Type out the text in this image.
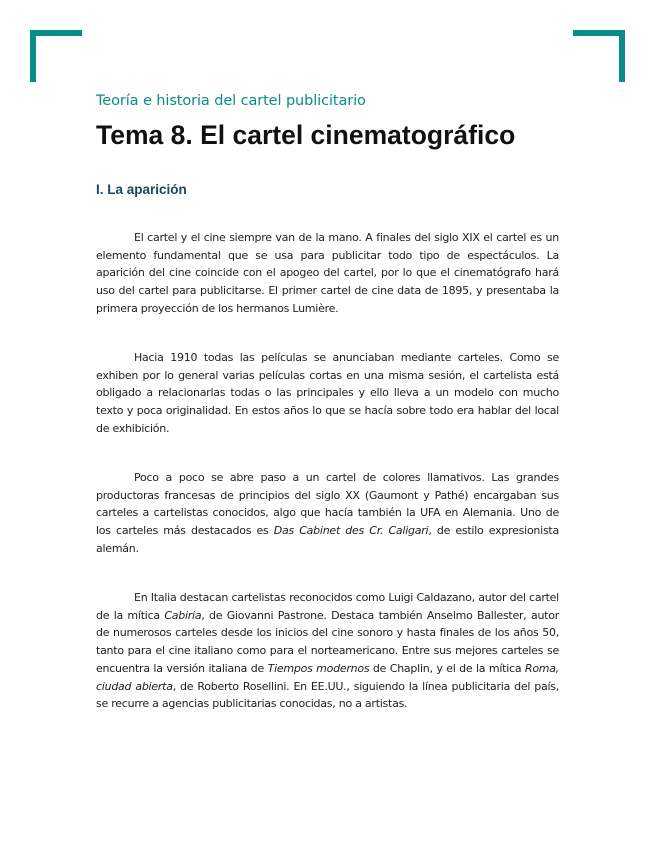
Teoría e historia del cartel publicitario
Tema 8. El cartel cinematográfico
I. La aparición

El cartel y el cine siempre van de la mano. A finales del siglo XIX el cartel es un elemento fundamental que se usa para publicitar todo tipo de espectáculos. La aparición del cine coincide con el apogeo del cartel, por lo que el cinematógrafo hará uso del cartel para publicitarse. El primer cartel de cine data de 1895, y presentaba la primera proyección de los hermanos Lumière.

Hacia 1910 todas las películas se anunciaban mediante carteles. Como se exhiben por lo general varias películas cortas en una misma sesión, el cartelista está obligado a relacionarlas todas o las principales y ello lleva a un modelo con mucho texto y poca originalidad. En estos años lo que se hacía sobre todo era hablar del local de exhibición.

Poco a poco se abre paso a un cartel de colores llamativos. Las grandes productoras francesas de principios del siglo XX (Gaumont y Pathé) encargaban sus carteles a cartelistas conocidos, algo que hacía también la UFA en Alemania. Uno de los carteles más destacados es Das Cabinet des Cr. Caligari, de estilo expresionista alemán.

En Italia destacan cartelistas reconocidos como Luigi Caldazano, autor del cartel de la mítica Cabiria, de Giovanni Pastrone. Destaca también Anselmo Ballester, autor de numerosos carteles desde los inicios del cine sonoro y hasta finales de los años 50, tanto para el cine italiano como para el norteamericano. Entre sus mejores carteles se encuentra la versión italiana de Tiempos modernos de Chaplin, y el de la mítica Roma, ciudad abierta, de Roberto Rosellini. En EE.UU., siguiendo la línea publicitaria del país, se recurre a agencias publicitarias conocidas, no a artistas.
